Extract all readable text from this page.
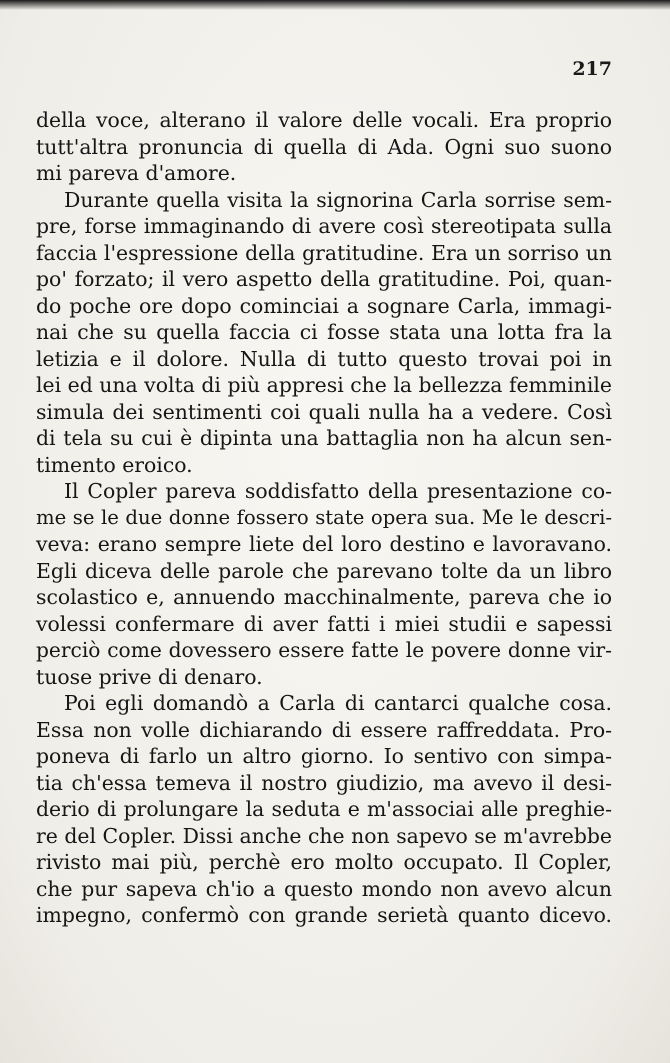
217
della voce, alterano il valore delle vocali. Era proprio
tutt'altra pronuncia di quella di Ada. Ogni suo suono
mi pareva d'amore.
Durante quella visita la signorina Carla sorrise sem-
pre, forse immaginando di avere così stereotipata sulla
faccia l'espressione della gratitudine. Era un sorriso un
po' forzato; il vero aspetto della gratitudine. Poi, quan-
do poche ore dopo cominciai a sognare Carla, immagi-
nai che su quella faccia ci fosse stata una lotta fra la
letizia e il dolore. Nulla di tutto questo trovai poi in
lei ed una volta di più appresi che la bellezza femminile
simula dei sentimenti coi quali nulla ha a vedere. Così
di tela su cui è dipinta una battaglia non ha alcun sen-
timento eroico.
Il Copler pareva soddisfatto della presentazione co-
me se le due donne fossero state opera sua. Me le descri-
veva: erano sempre liete del loro destino e lavoravano.
Egli diceva delle parole che parevano tolte da un libro
scolastico e, annuendo macchinalmente, pareva che io
volessi confermare di aver fatti i miei studii e sapessi
perciò come dovessero essere fatte le povere donne vir-
tuose prive di denaro.
Poi egli domandò a Carla di cantarci qualche cosa.
Essa non volle dichiarando di essere raffreddata. Pro-
poneva di farlo un altro giorno. Io sentivo con simpa-
tia ch'essa temeva il nostro giudizio, ma avevo il desi-
derio di prolungare la seduta e m'associai alle preghie-
re del Copler. Dissi anche che non sapevo se m'avrebbe
rivisto mai più, perchè ero molto occupato. Il Copler,
che pur sapeva ch'io a questo mondo non avevo alcun
impegno, confermò con grande serietà quanto dicevo.
